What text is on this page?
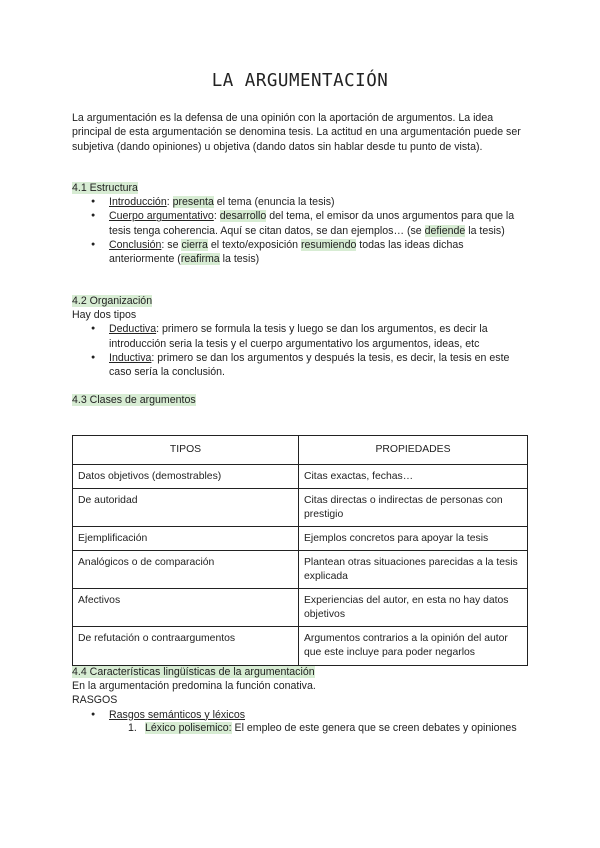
LA ARGUMENTACIÓN
La argumentación es la defensa de una opinión con la aportación de argumentos. La idea principal de esta argumentación se denomina tesis. La actitud en una argumentación puede ser subjetiva (dando opiniones) u objetiva (dando datos sin hablar desde tu punto de vista).
4.1 Estructura
● Introducción: presenta el tema (enuncia la tesis)
● Cuerpo argumentativo: desarrollo del tema, el emisor da unos argumentos para que la tesis tenga coherencia. Aquí se citan datos, se dan ejemplos… (se defiende la tesis)
● Conclusión: se cierra el texto/exposición resumiendo todas las ideas dichas anteriormente (reafirma la tesis)
4.2 Organización
Hay dos tipos
● Deductiva: primero se formula la tesis y luego se dan los argumentos, es decir la introducción seria la tesis y el cuerpo argumentativo los argumentos, ideas, etc
● Inductiva: primero se dan los argumentos y después la tesis, es decir, la tesis en este caso sería la conclusión.
4.3 Clases de argumentos
TIPOS	PROPIEDADES
Datos objetivos (demostrables)	Citas exactas, fechas…
De autoridad	Citas directas o indirectas de personas con prestigio
Ejemplificación	Ejemplos concretos para apoyar la tesis
Analógicos o de comparación	Plantean otras situaciones parecidas a la tesis explicada
Afectivos	Experiencias del autor, en esta no hay datos objetivos
De refutación o contraargumentos	Argumentos contrarios a la opinión del autor que este incluye para poder negarlos
4.4 Características lingüísticas de la argumentación
En la argumentación predomina la función conativa.
RASGOS
● Rasgos semánticos y léxicos
1. Léxico polisemico: El empleo de este genera que se creen debates y opiniones
